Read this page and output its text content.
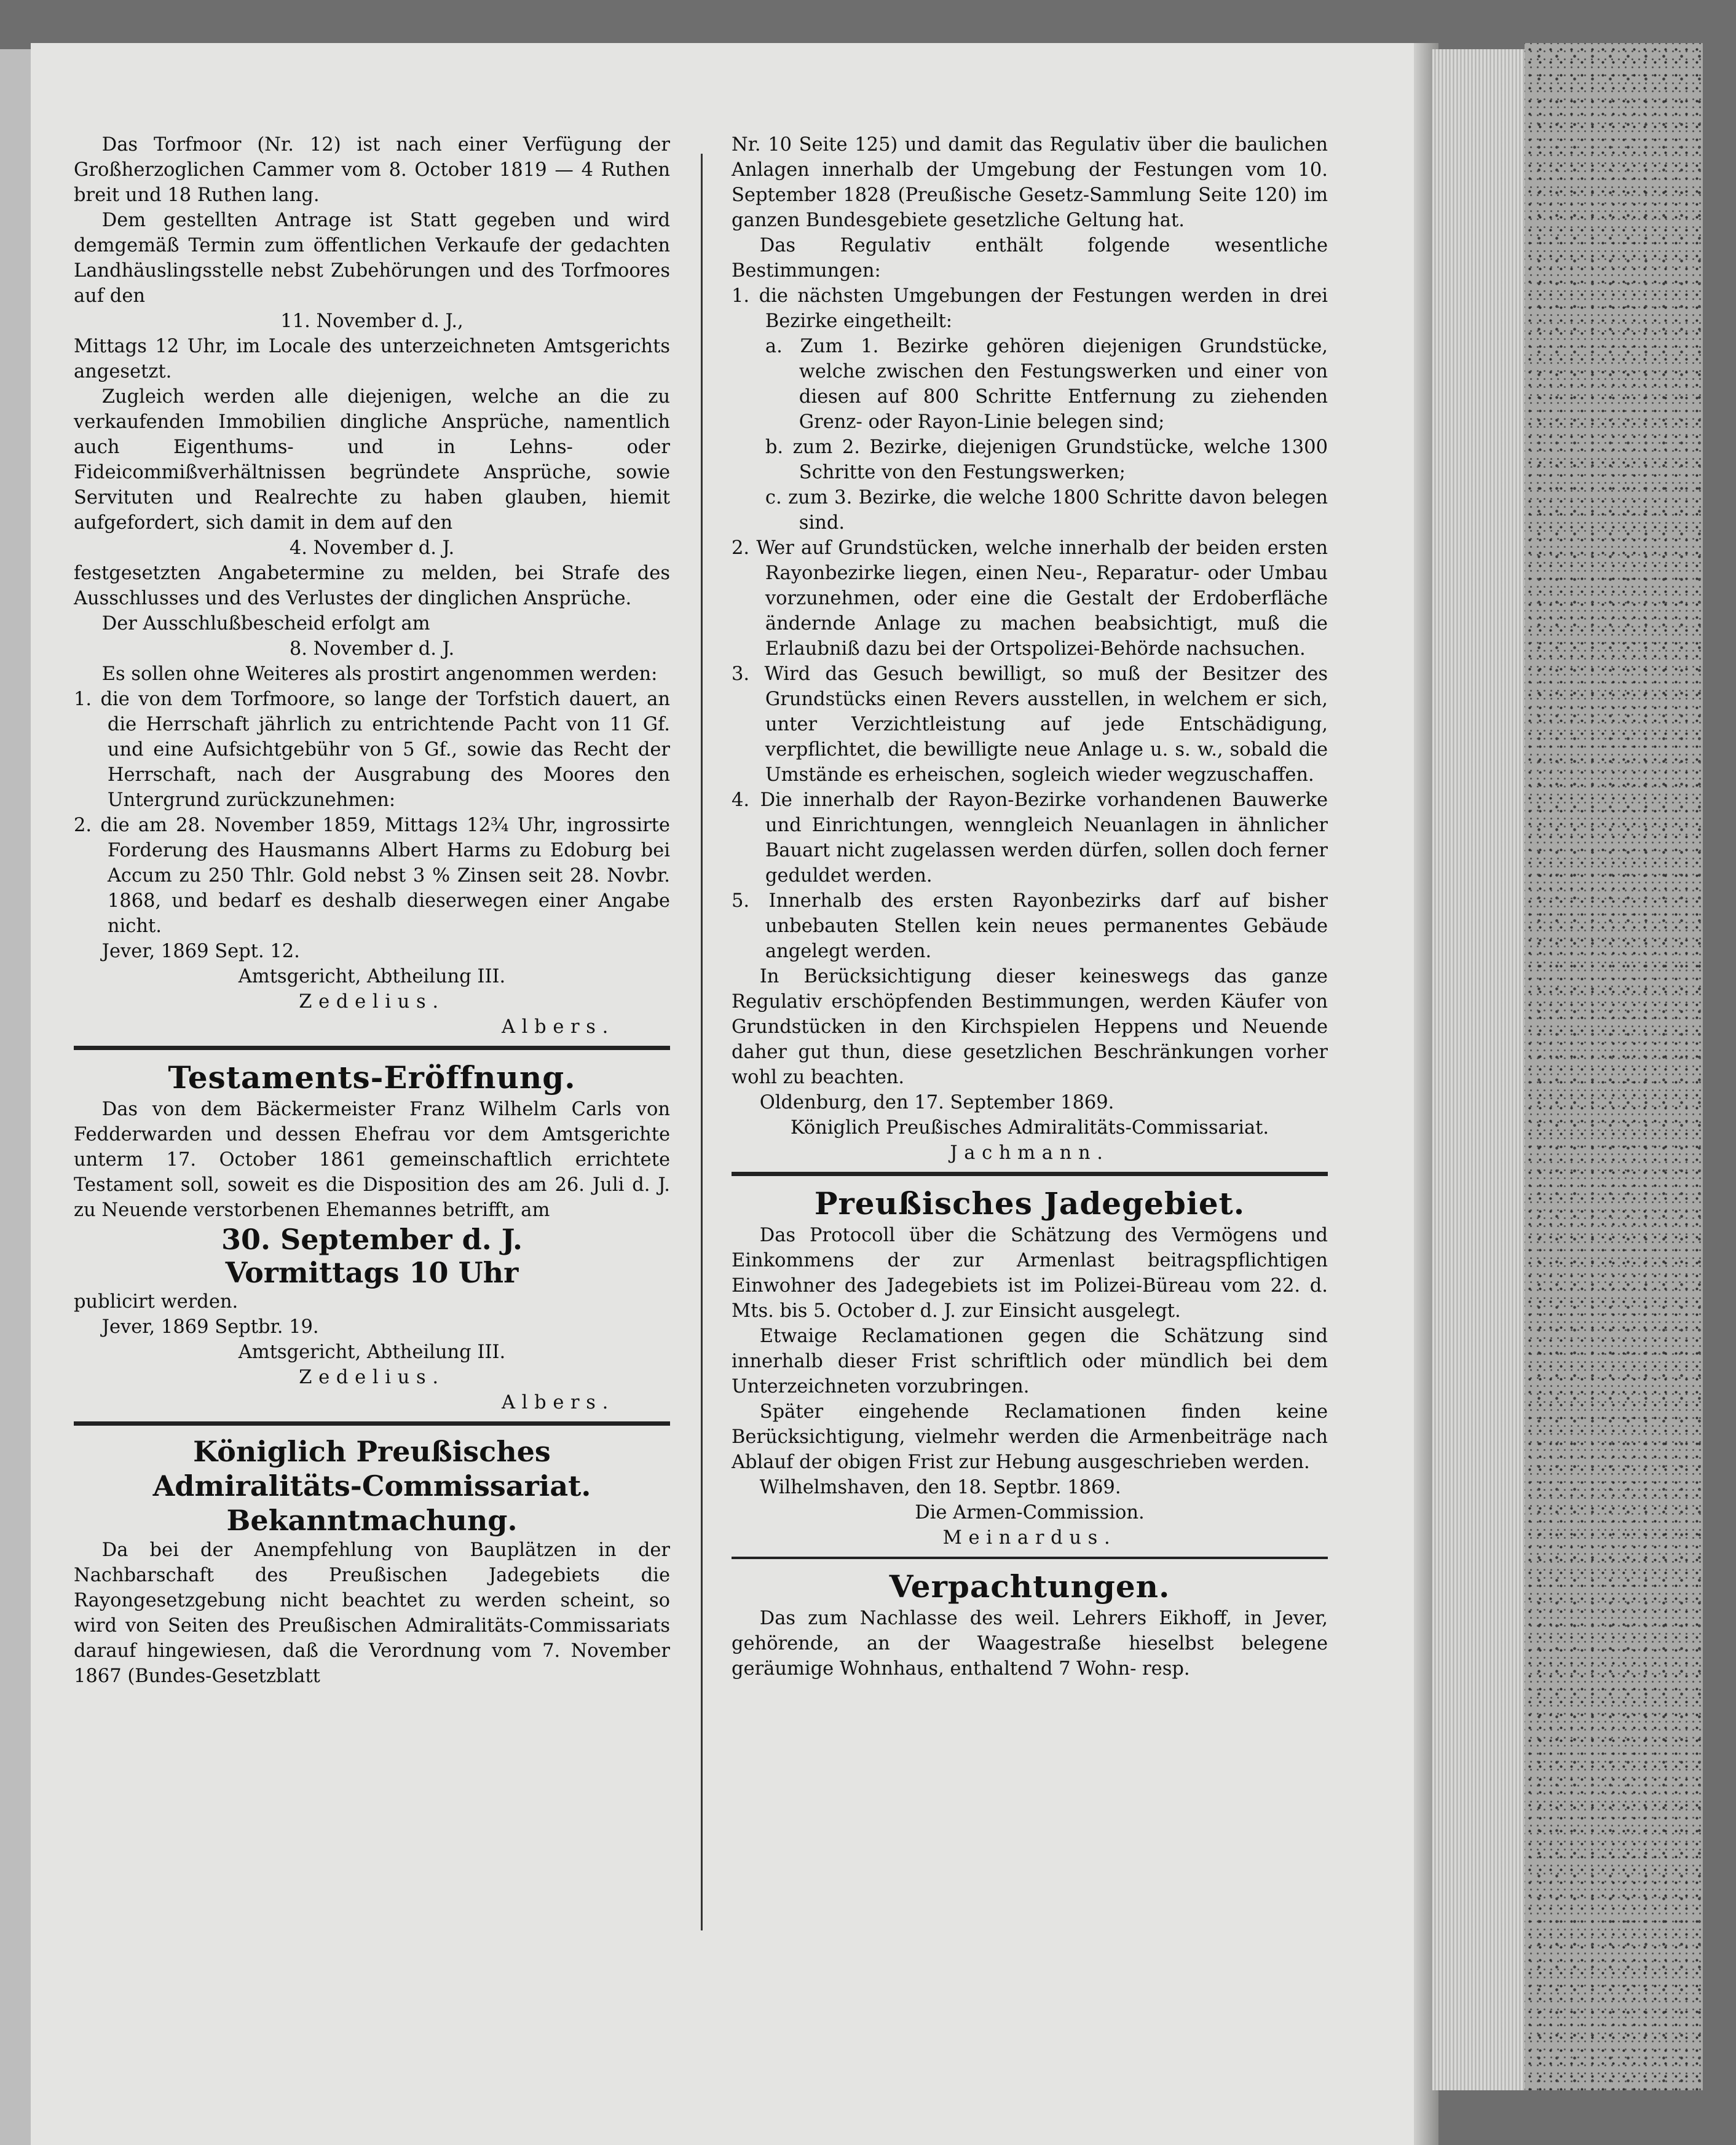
Das Torfmoor (Nr. 12) ist nach einer Verfügung der Großherzoglichen Cammer vom 8. October 1819 — 4 Ruthen breit und 18 Ruthen lang.

Dem gestellten Antrage ist Statt gegeben und wird demgemäß Termin zum öffentlichen Verkaufe der gedachten Landhäuslingsstelle nebst Zubehörungen und des Torfmoores auf den

11. November d. J.,

Mittags 12 Uhr, im Locale des unterzeichneten Amtsgerichts angesetzt.

Zugleich werden alle diejenigen, welche an die zu verkaufenden Immobilien dingliche Ansprüche, namentlich auch Eigenthums- und in Lehns- oder Fideicommißverhältnissen begründete Ansprüche, sowie Servituten und Realrechte zu haben glauben, hiemit aufgefordert, sich damit in dem auf den

4. November d. J.

festgesetzten Angabetermine zu melden, bei Strafe des Ausschlusses und des Verlustes der dinglichen Ansprüche.

Der Ausschlußbescheid erfolgt am

8. November d. J.

Es sollen ohne Weiteres als prostirt angenommen werden:

1. die von dem Torfmoore, so lange der Torfstich dauert, an die Herrschaft jährlich zu entrichtende Pacht von 11 Gf. und eine Aufsichtgebühr von 5 Gf., sowie das Recht der Herrschaft, nach der Ausgrabung des Moores den Untergrund zurückzunehmen:

2. die am 28. November 1859, Mittags 12¾ Uhr, ingrossirte Forderung des Hausmanns Albert Harms zu Edoburg bei Accum zu 250 Thlr. Gold nebst 3 % Zinsen seit 28. Novbr. 1868, und bedarf es deshalb dieserwegen einer Angabe nicht.

Jever, 1869 Sept. 12.

Amtsgericht, Abtheilung III.

Zedelius.

Albers.

Testaments-Eröffnung.

Das von dem Bäckermeister Franz Wilhelm Carls von Fedderwarden und dessen Ehefrau vor dem Amtsgerichte unterm 17. October 1861 gemeinschaftlich errichtete Testament soll, soweit es die Disposition des am 26. Juli d. J. zu Neuende verstorbenen Ehemannes betrifft, am

30. September d. J.

Vormittags 10 Uhr

publicirt werden.

Jever, 1869 Septbr. 19.

Amtsgericht, Abtheilung III.

Zedelius.

Albers.

Königlich Preußisches

Admiralitäts-Commissariat.

Bekanntmachung.

Da bei der Anempfehlung von Bauplätzen in der Nachbarschaft des Preußischen Jadegebiets die Rayongesetzgebung nicht beachtet zu werden scheint, so wird von Seiten des Preußischen Admiralitäts-Commissariats darauf hingewiesen, daß die Verordnung vom 7. November 1867 (Bundes-Gesetzblatt

Nr. 10 Seite 125) und damit das Regulativ über die baulichen Anlagen innerhalb der Umgebung der Festungen vom 10. September 1828 (Preußische Gesetz-Sammlung Seite 120) im ganzen Bundesgebiete gesetzliche Geltung hat.

Das Regulativ enthält folgende wesentliche Bestimmungen:

1. die nächsten Umgebungen der Festungen werden in drei Bezirke eingetheilt:

a. Zum 1. Bezirke gehören diejenigen Grundstücke, welche zwischen den Festungswerken und einer von diesen auf 800 Schritte Entfernung zu ziehenden Grenz- oder Rayon-Linie belegen sind;

b. zum 2. Bezirke, diejenigen Grundstücke, welche 1300 Schritte von den Festungswerken;

c. zum 3. Bezirke, die welche 1800 Schritte davon belegen sind.

2. Wer auf Grundstücken, welche innerhalb der beiden ersten Rayonbezirke liegen, einen Neu-, Reparatur- oder Umbau vorzunehmen, oder eine die Gestalt der Erdoberfläche ändernde Anlage zu machen beabsichtigt, muß die Erlaubniß dazu bei der Ortspolizei-Behörde nachsuchen.

3. Wird das Gesuch bewilligt, so muß der Besitzer des Grundstücks einen Revers ausstellen, in welchem er sich, unter Verzichtleistung auf jede Entschädigung, verpflichtet, die bewilligte neue Anlage u. s. w., sobald die Umstände es erheischen, sogleich wieder wegzuschaffen.

4. Die innerhalb der Rayon-Bezirke vorhandenen Bauwerke und Einrichtungen, wenngleich Neuanlagen in ähnlicher Bauart nicht zugelassen werden dürfen, sollen doch ferner geduldet werden.

5. Innerhalb des ersten Rayonbezirks darf auf bisher unbebauten Stellen kein neues permanentes Gebäude angelegt werden.

In Berücksichtigung dieser keineswegs das ganze Regulativ erschöpfenden Bestimmungen, werden Käufer von Grundstücken in den Kirchspielen Heppens und Neuende daher gut thun, diese gesetzlichen Beschränkungen vorher wohl zu beachten.

Oldenburg, den 17. September 1869.

Königlich Preußisches Admiralitäts-Commissariat.

Jachmann.

Preußisches Jadegebiet.

Das Protocoll über die Schätzung des Vermögens und Einkommens der zur Armenlast beitragspflichtigen Einwohner des Jadegebiets ist im Polizei-Büreau vom 22. d. Mts. bis 5. October d. J. zur Einsicht ausgelegt.

Etwaige Reclamationen gegen die Schätzung sind innerhalb dieser Frist schriftlich oder mündlich bei dem Unterzeichneten vorzubringen.

Später eingehende Reclamationen finden keine Berücksichtigung, vielmehr werden die Armenbeiträge nach Ablauf der obigen Frist zur Hebung ausgeschrieben werden.

Wilhelmshaven, den 18. Septbr. 1869.

Die Armen-Commission.

Meinardus.

Verpachtungen.

Das zum Nachlasse des weil. Lehrers Eikhoff, in Jever, gehörende, an der Waagestraße hieselbst belegene geräumige Wohnhaus, enthaltend 7 Wohn- resp.
